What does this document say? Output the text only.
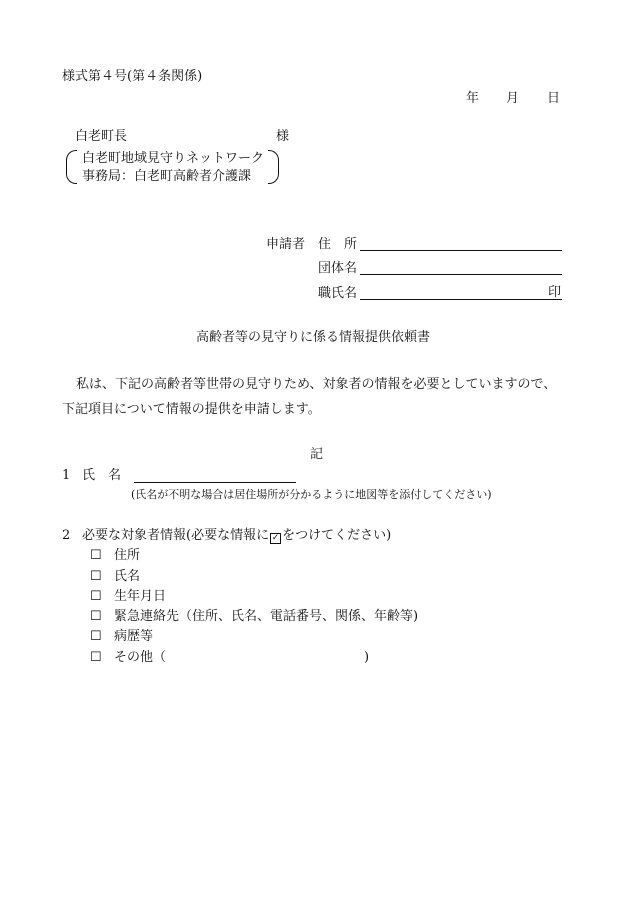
様式第４号(第４条関係)
年 月 日
白老町長	様
白老町地域見守りネットワーク
事務局：白老町高齢者介護課
申請者 住　所
団体名
職氏名	印
高齢者等の見守りに係る情報提供依頼書
私は、下記の高齢者等世帯の見守りため、対象者の情報を必要としていますので、
下記項目について情報の提供を申請します。
記
1 氏　名
(氏名が不明な場合は居住場所が分かるように地図等を添付してください)
2 必要な対象者情報(必要な情報に ✓ をつけてください)
☐ 住所
☐ 氏名
☐ 生年月日
☐ 緊急連絡先（住所、氏名、電話番号、関係、年齢等)
☐ 病歴等
☐ その他（	)
